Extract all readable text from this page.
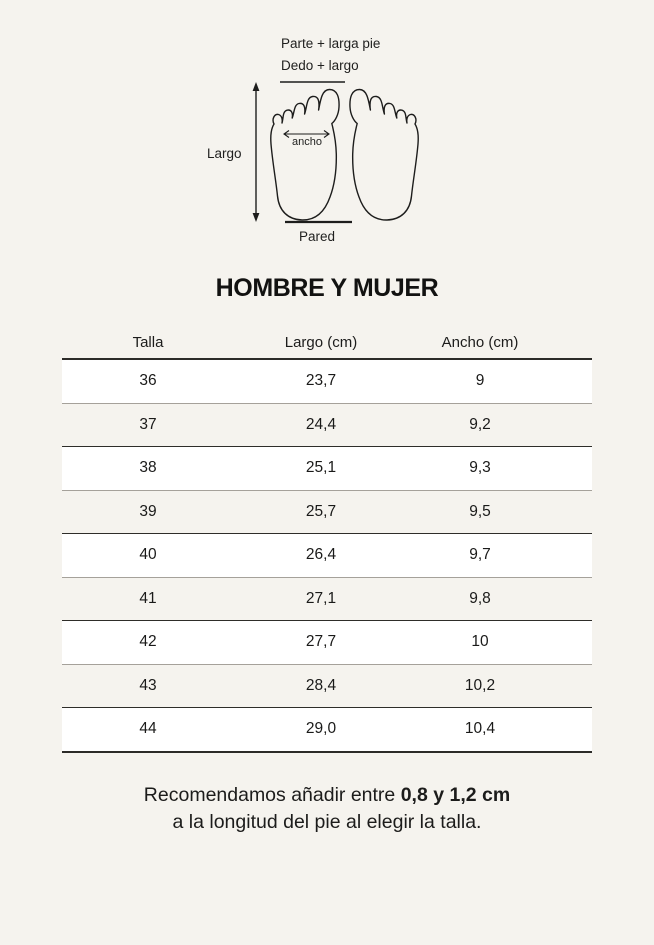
Parte + larga pie
Dedo + largo
Largo
ancho
Pared
HOMBRE Y MUJER
Talla	Largo (cm)	Ancho (cm)
36	23,7	9
37	24,4	9,2
38	25,1	9,3
39	25,7	9,5
40	26,4	9,7
41	27,1	9,8
42	27,7	10
43	28,4	10,2
44	29,0	10,4
Recomendamos añadir entre 0,8 y 1,2 cm
a la longitud del pie al elegir la talla.
